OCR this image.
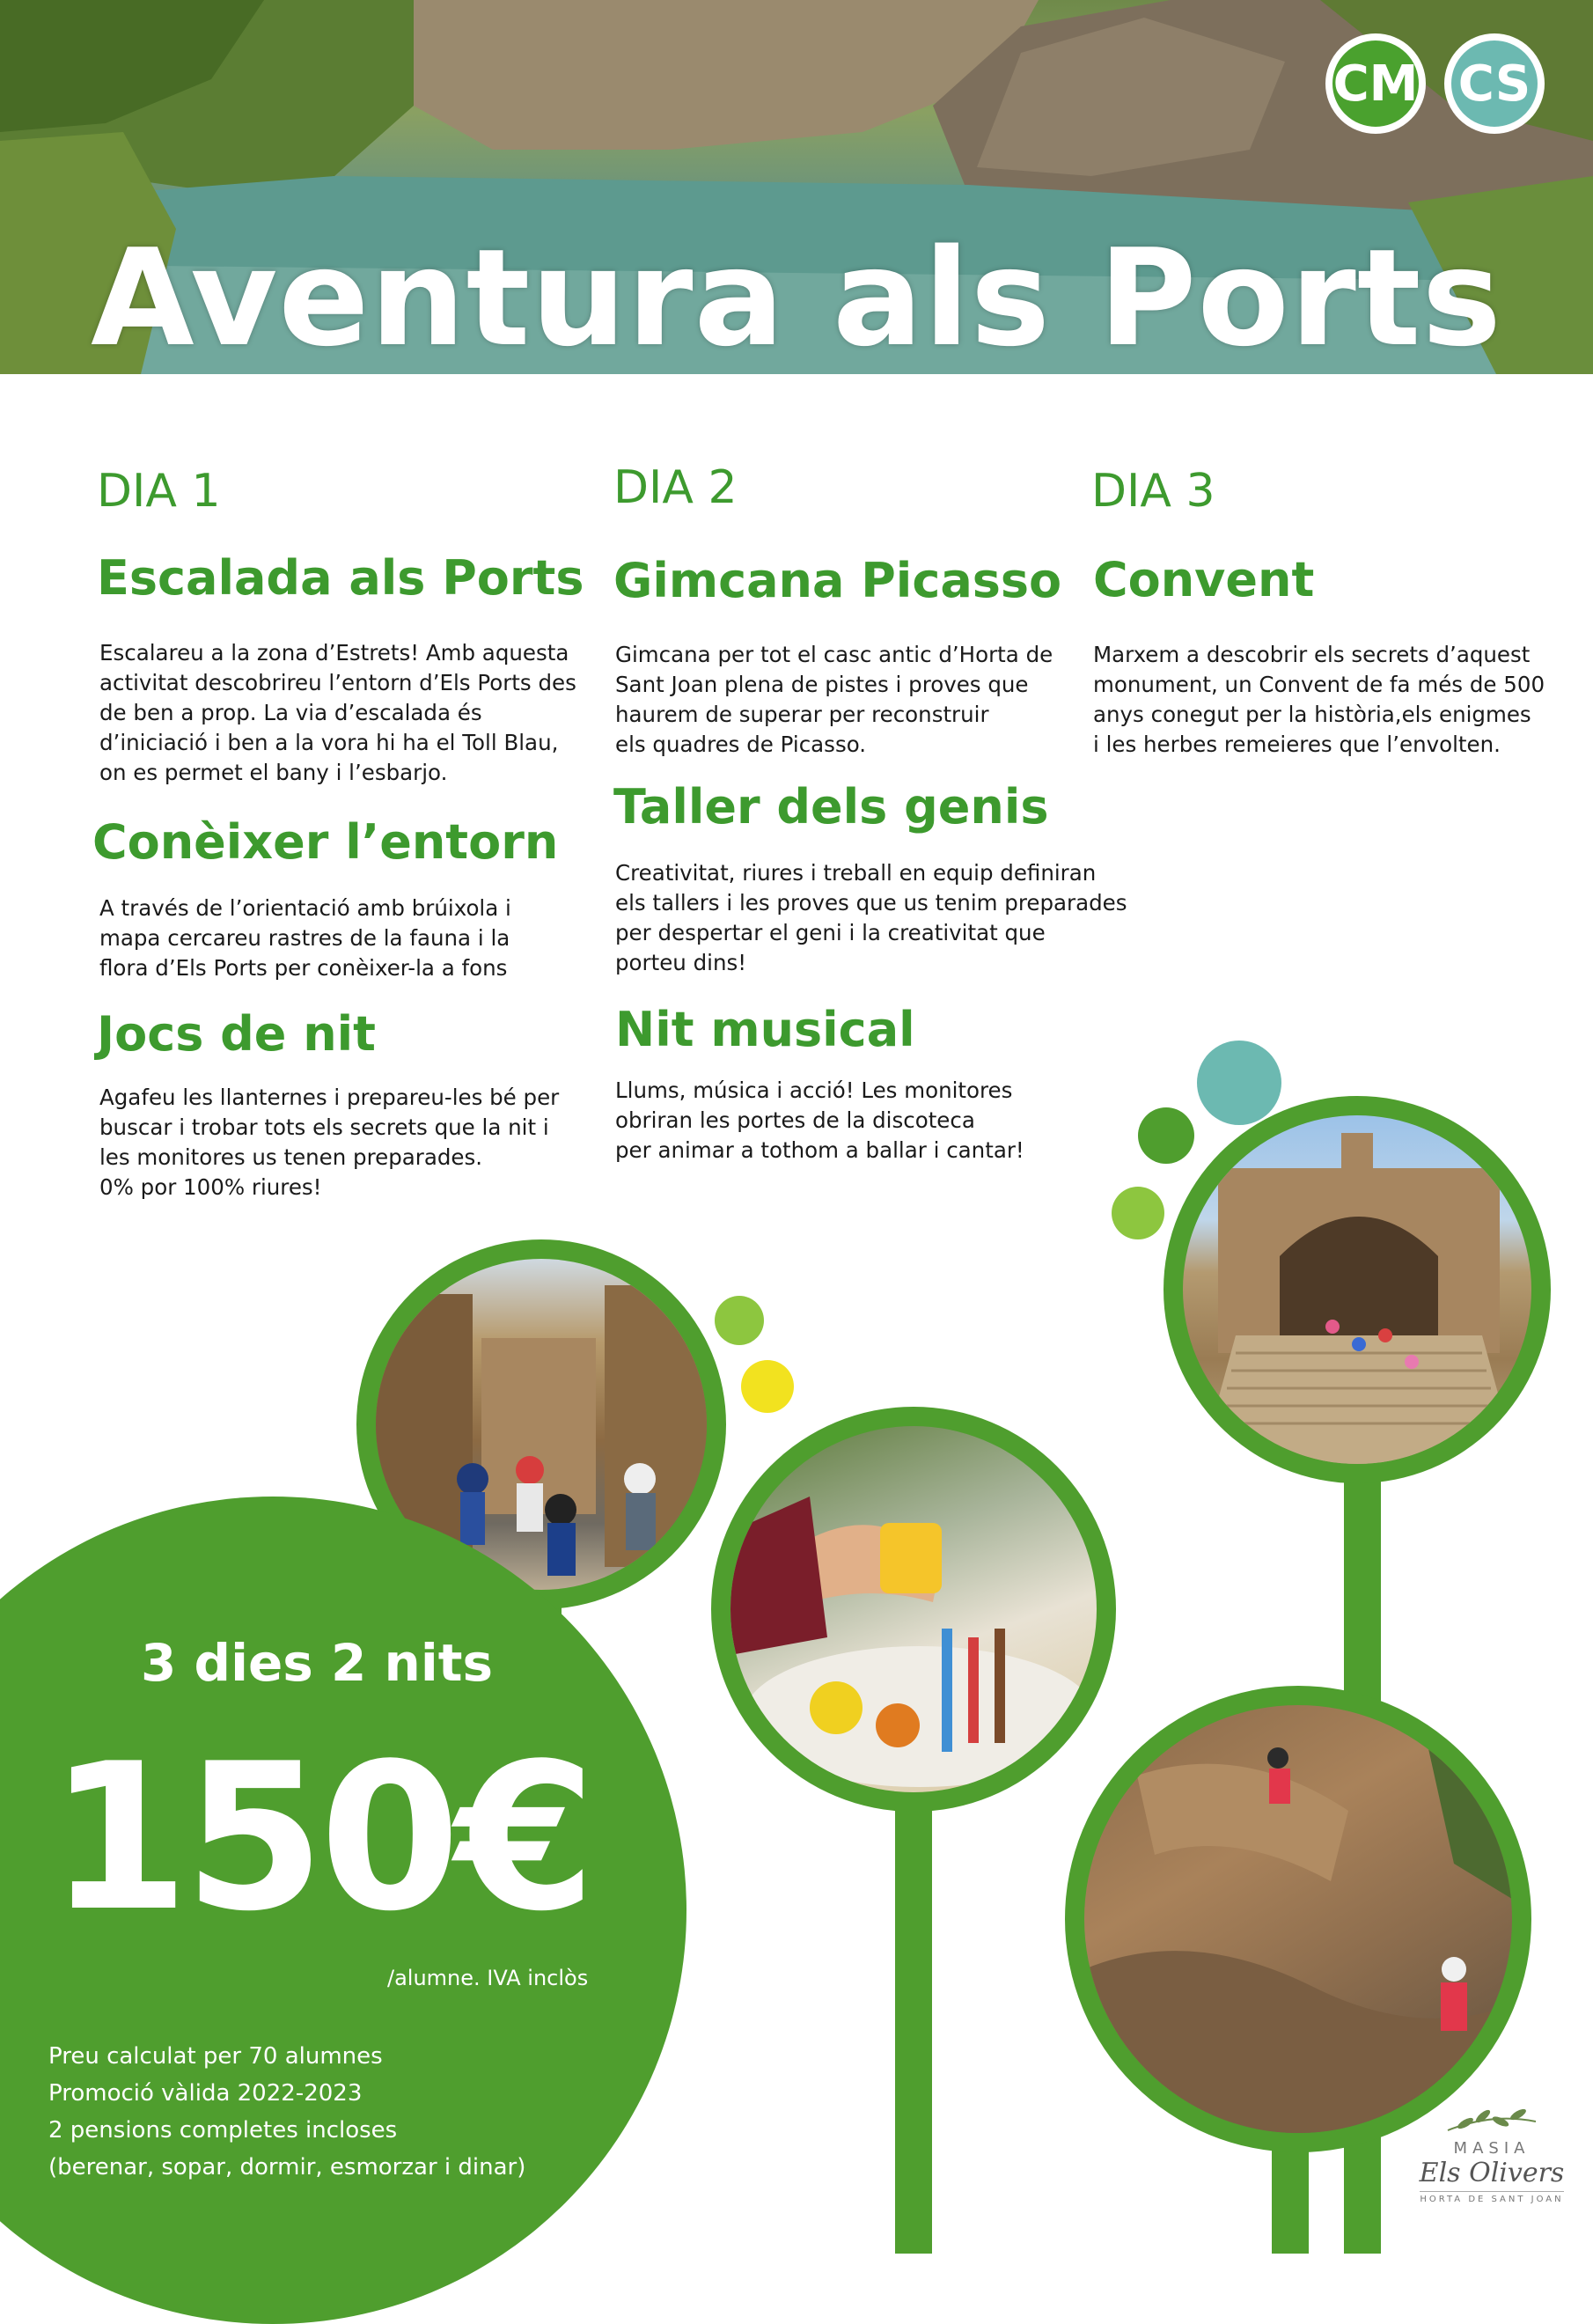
CM CS
Aventura als Ports
DIA 1
Escalada als Ports
Escalareu a la zona d’Estrets! Amb aquesta
activitat descobrireu l’entorn d’Els Ports des
de ben a prop. La via d’escalada és
d’iniciació i ben a la vora hi ha el Toll Blau,
on es permet el bany i l’esbarjo.
Conèixer l’entorn
A través de l’orientació amb brúixola i
mapa cercareu rastres de la fauna i la
flora d’Els Ports per conèixer-la a fons
Jocs de nit
Agafeu les llanternes i prepareu-les bé per
buscar i trobar tots els secrets que la nit i
les monitores us tenen preparades.
0% por 100% riures!
DIA 2
Gimcana Picasso
Gimcana per tot el casc antic d’Horta de
Sant Joan plena de pistes i proves que
haurem de superar per reconstruir
els quadres de Picasso.
Taller dels genis
Creativitat, riures i treball en equip definiran
els tallers i les proves que us tenim preparades
per despertar el geni i la creativitat que
porteu dins!
Nit musical
Llums, música i acció! Les monitores
obriran les portes de la discoteca
per animar a tothom a ballar i cantar!
DIA 3
Convent
Marxem a descobrir els secrets d’aquest
monument, un Convent de fa més de 500
anys conegut per la història,els enigmes
i les herbes remeieres que l’envolten.
3 dies 2 nits
150€
/alumne. IVA inclòs
Preu calculat per 70 alumnes
Promoció vàlida 2022-2023
2 pensions completes incloses
(berenar, sopar, dormir, esmorzar i dinar)
MASIA
Els Olivers
HORTA DE SANT JOAN
